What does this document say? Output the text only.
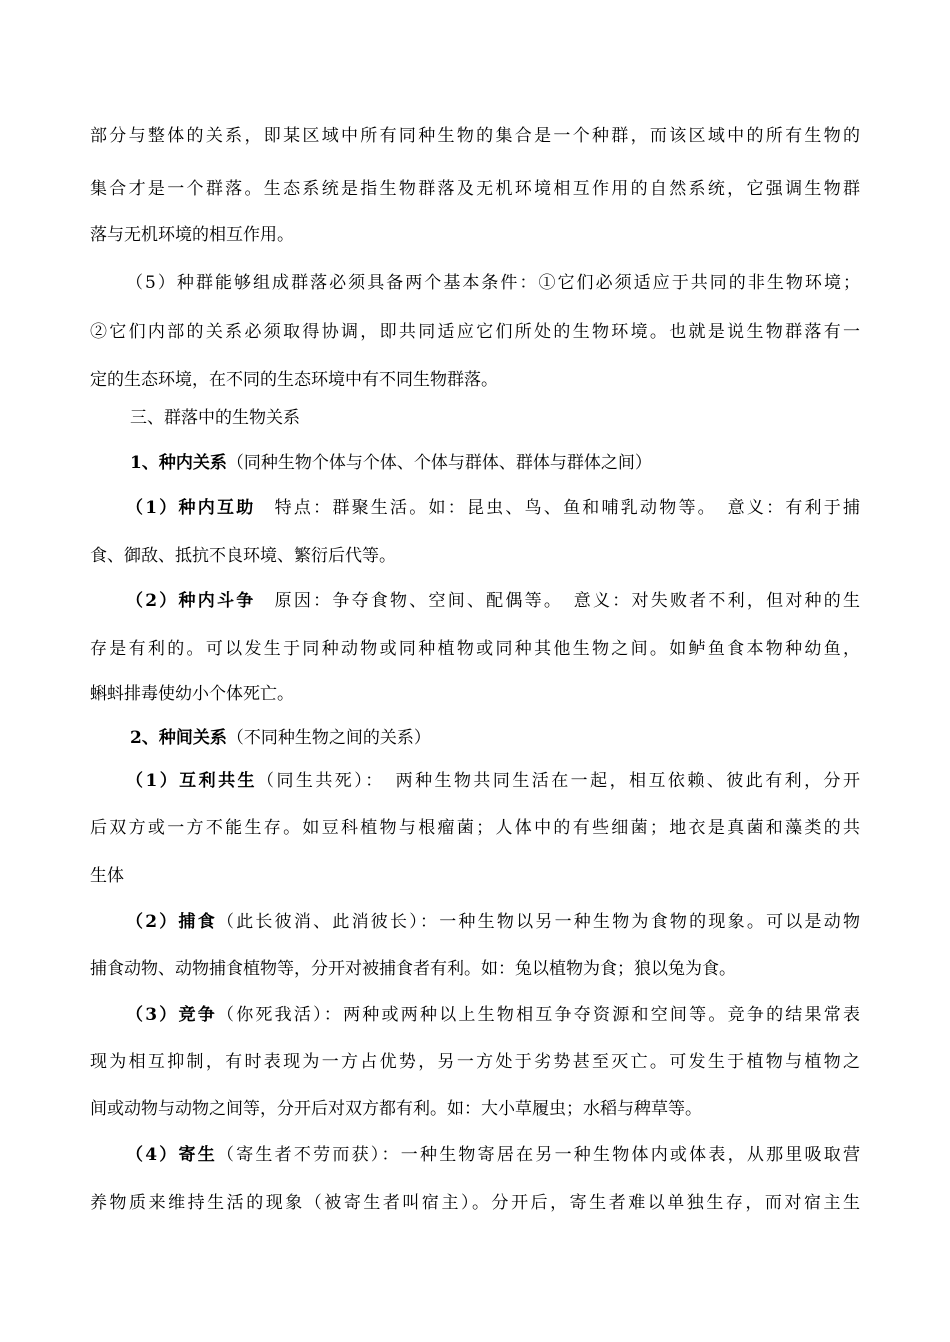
部分与整体的关系，即某区域中所有同种生物的集合是一个种群，而该区域中的所有生物的
集合才是一个群落。生态系统是指生物群落及无机环境相互作用的自然系统，它强调生物群
落与无机环境的相互作用。
（5）种群能够组成群落必须具备两个基本条件：①它们必须适应于共同的非生物环境；
②它们内部的关系必须取得协调，即共同适应它们所处的生物环境。也就是说生物群落有一
定的生态环境，在不同的生态环境中有不同生物群落。
三、群落中的生物关系
1、种内关系（同种生物个体与个体、个体与群体、群体与群体之间）
（1）种内互助　特点：群聚生活。如：昆虫、鸟、鱼和哺乳动物等。　意义：有利于捕
食、御敌、抵抗不良环境、繁衍后代等。
（2）种内斗争　原因：争夺食物、空间、配偶等。　意义：对失败者不利，但对种的生
存是有利的。可以发生于同种动物或同种植物或同种其他生物之间。如鲈鱼食本物种幼鱼，
蝌蚪排毒使幼小个体死亡。
2、种间关系（不同种生物之间的关系）
（1）互利共生（同生共死）：　两种生物共同生活在一起，相互依赖、彼此有利，分开
后双方或一方不能生存。如豆科植物与根瘤菌；人体中的有些细菌；地衣是真菌和藻类的共
生体
（2）捕食（此长彼消、此消彼长）：一种生物以另一种生物为食物的现象。可以是动物
捕食动物、动物捕食植物等，分开对被捕食者有利。如：兔以植物为食；狼以兔为食。
（3）竞争（你死我活）：两种或两种以上生物相互争夺资源和空间等。竞争的结果常表
现为相互抑制，有时表现为一方占优势，另一方处于劣势甚至灭亡。可发生于植物与植物之
间或动物与动物之间等，分开后对双方都有利。如：大小草履虫；水稻与稗草等。
（4）寄生（寄生者不劳而获）：一种生物寄居在另一种生物体内或体表，从那里吸取营
养物质来维持生活的现象（被寄生者叫宿主）。分开后，寄生者难以单独生存，而对宿主生
